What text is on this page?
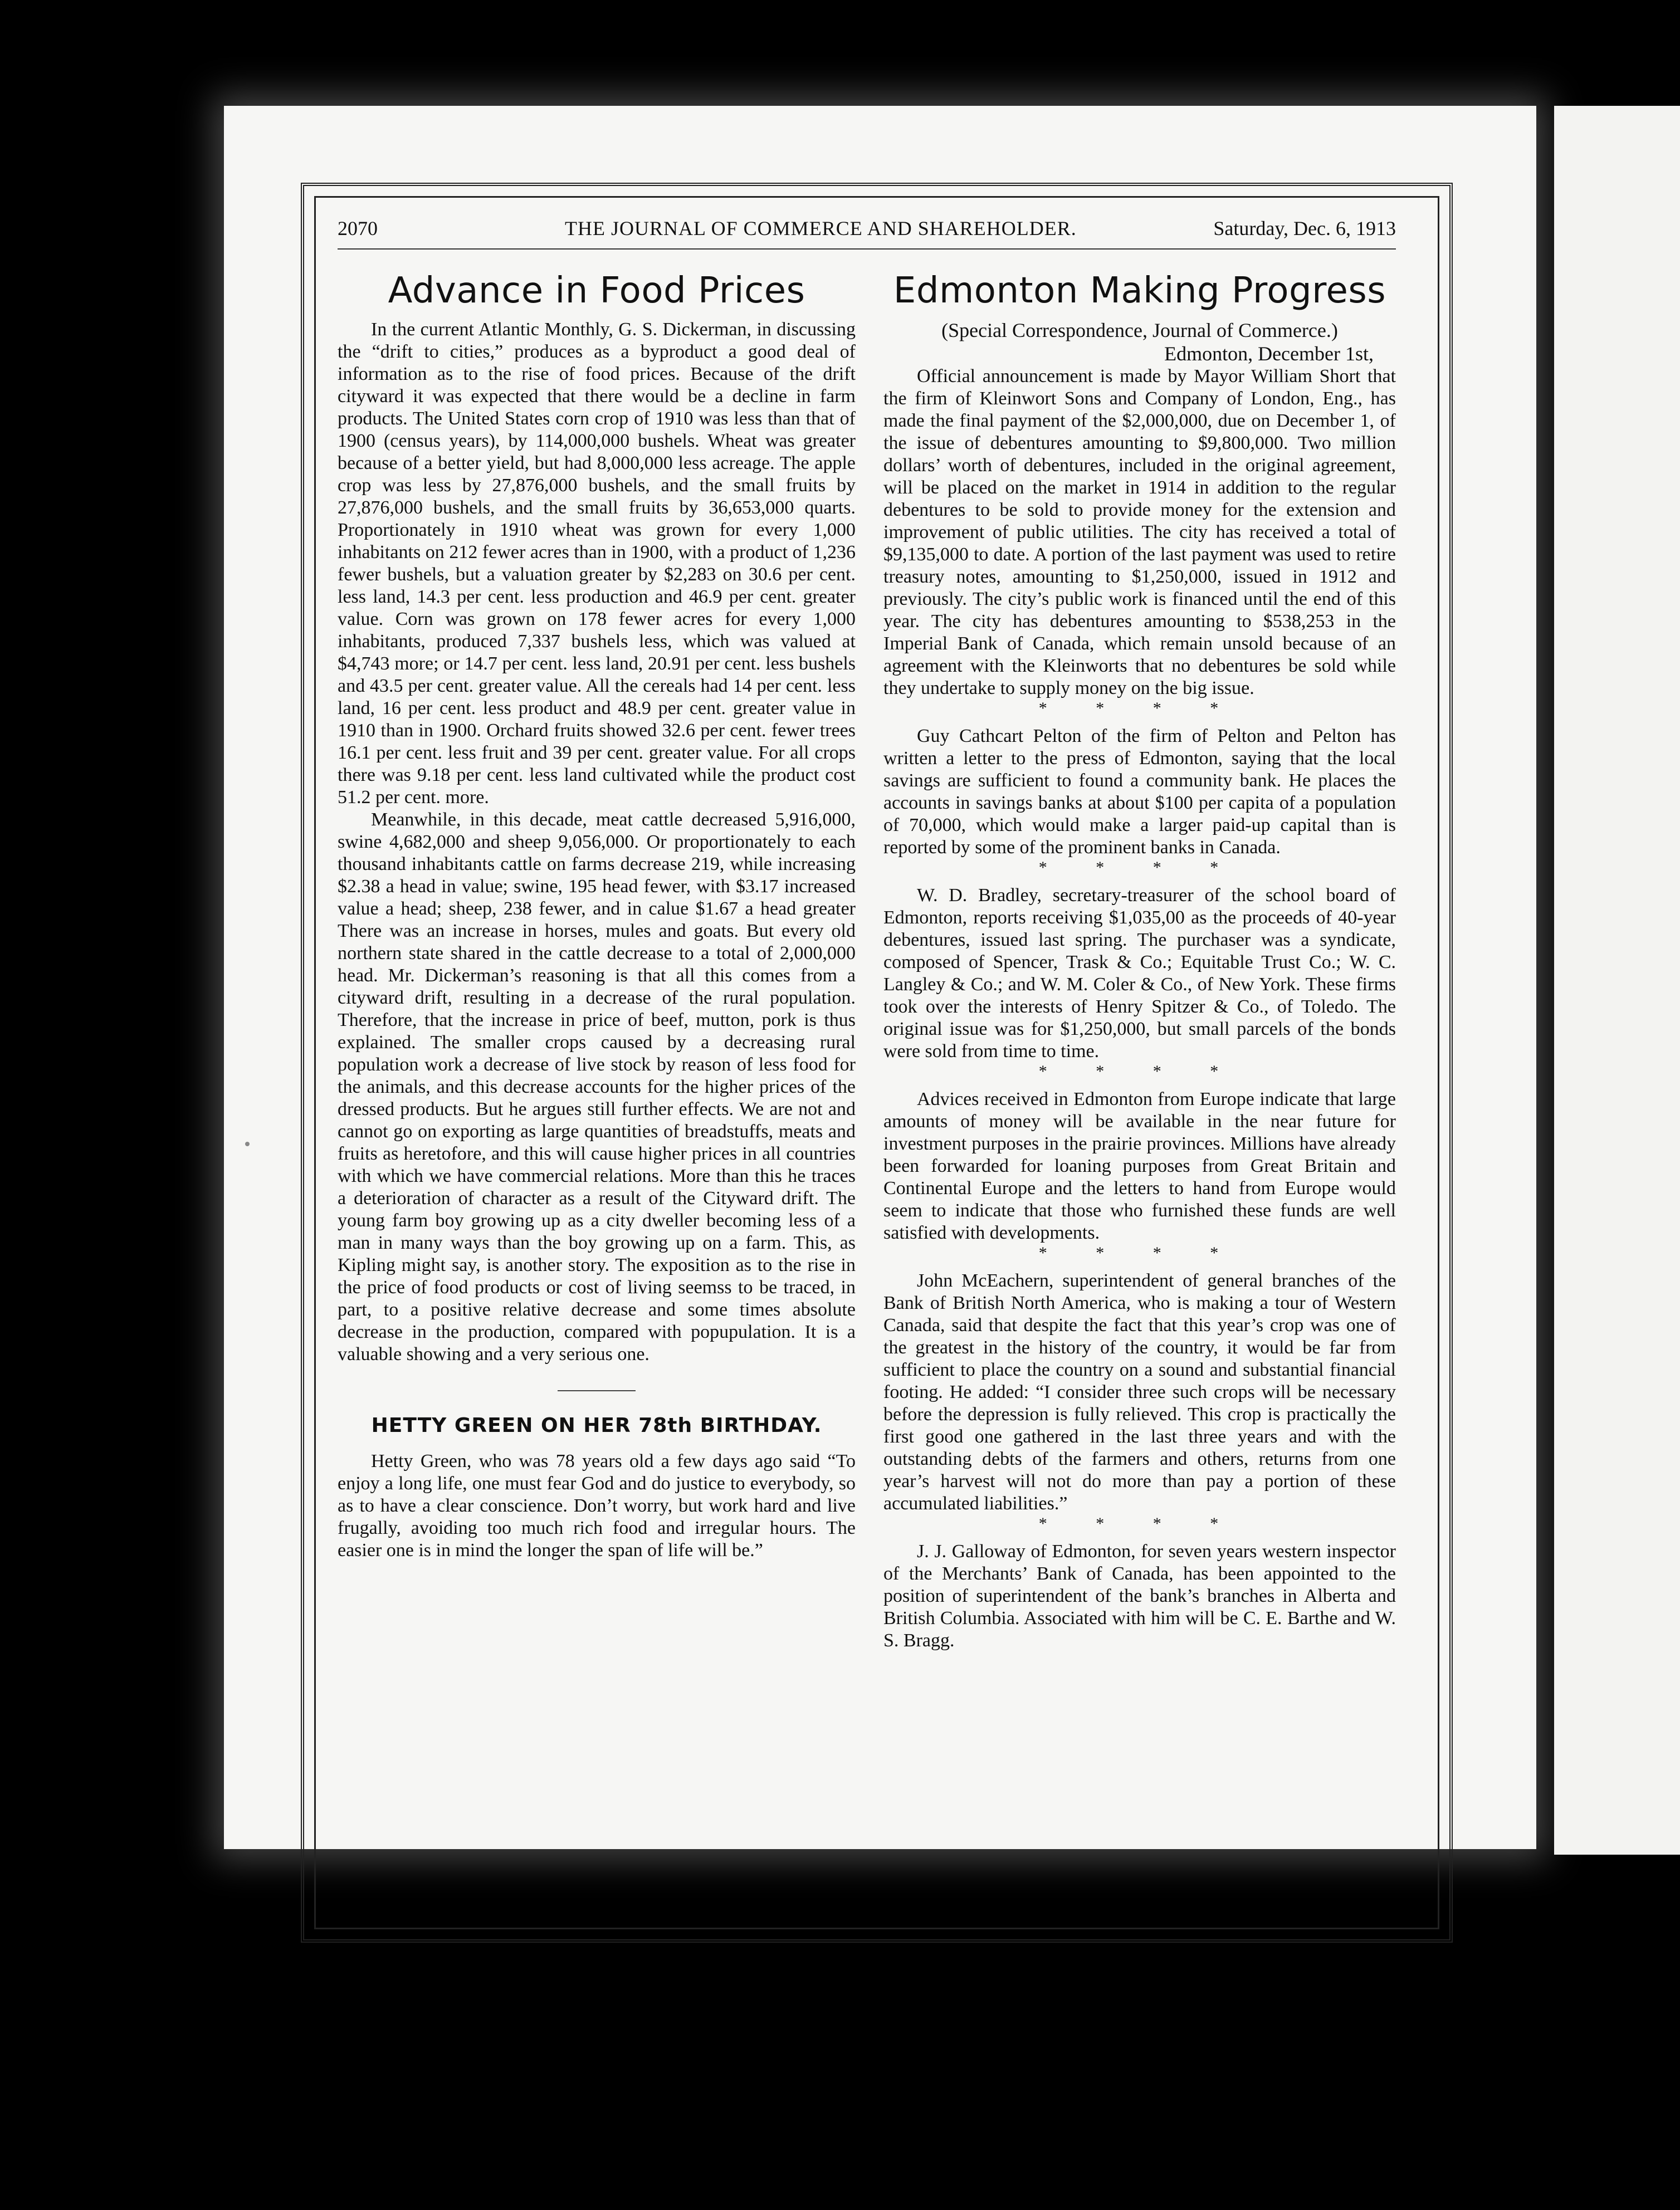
2070	THE JOURNAL OF COMMERCE AND SHAREHOLDER.	Saturday, Dec. 6, 1913
Advance in Food Prices

In the current Atlantic Monthly, G. S. Dickerman, in discussing the “drift to cities,” produces as a byproduct a good deal of information as to the rise of food prices. Because of the drift cityward it was expected that there would be a decline in farm products. The United States corn crop of 1910 was less than that of 1900 (census years), by 114,000,000 bushels. Wheat was greater because of a better yield, but had 8,000,000 less acreage. The apple crop was less by 27,876,000 bushels, and the small fruits by 27,876,000 bushels, and the small fruits by 36,653,000 quarts. Proportionately in 1910 wheat was grown for every 1,000 inhabitants on 212 fewer acres than in 1900, with a product of 1,236 fewer bushels, but a valuation greater by $2,283 on 30.6 per cent. less land, 14.3 per cent. less production and 46.9 per cent. greater value. Corn was grown on 178 fewer acres for every 1,000 inhabitants, produced 7,337 bushels less, which was valued at $4,743 more; or 14.7 per cent. less land, 20.91 per cent. less bushels and 43.5 per cent. greater value. All the cereals had 14 per cent. less land, 16 per cent. less product and 48.9 per cent. greater value in 1910 than in 1900. Orchard fruits showed 32.6 per cent. fewer trees 16.1 per cent. less fruit and 39 per cent. greater value. For all crops there was 9.18 per cent. less land cultivated while the product cost 51.2 per cent. more.

Meanwhile, in this decade, meat cattle decreased 5,916,000, swine 4,682,000 and sheep 9,056,000. Or proportionately to each thousand inhabitants cattle on farms decrease 219, while increasing $2.38 a head in value; swine, 195 head fewer, with $3.17 increased value a head; sheep, 238 fewer, and in calue $1.67 a head greater There was an increase in horses, mules and goats. But every old northern state shared in the cattle decrease to a total of 2,000,000 head. Mr. Dickerman’s reasoning is that all this comes from a cityward drift, resulting in a decrease of the rural population. Therefore, that the increase in price of beef, mutton, pork is thus explained. The smaller crops caused by a decreasing rural population work a decrease of live stock by reason of less food for the animals, and this decrease accounts for the higher prices of the dressed products. But he argues still further effects. We are not and cannot go on exporting as large quantities of breadstuffs, meats and fruits as heretofore, and this will cause higher prices in all countries with which we have commercial relations. More than this he traces a deterioration of character as a result of the Cityward drift. The young farm boy growing up as a city dweller becoming less of a man in many ways than the boy growing up on a farm. This, as Kipling might say, is another story. The exposition as to the rise in the price of food products or cost of living seemss to be traced, in part, to a positive relative decrease and some times absolute decrease in the production, compared with popupulation. It is a valuable showing and a very serious one.

HETTY GREEN ON HER 78th BIRTHDAY.

Hetty Green, who was 78 years old a few days ago said “To enjoy a long life, one must fear God and do justice to everybody, so as to have a clear conscience. Don’t worry, but work hard and live frugally, avoiding too much rich food and irregular hours. The easier one is in mind the longer the span of life will be.”

Edmonton Making Progress

(Special Correspondence, Journal of Commerce.)

Edmonton, December 1st,

Official announcement is made by Mayor William Short that the firm of Kleinwort Sons and Company of London, Eng., has made the final payment of the $2,000,000, due on December 1, of the issue of debentures amounting to $9,800,000. Two million dollars’ worth of debentures, included in the original agreement, will be placed on the market in 1914 in addition to the regular debentures to be sold to provide money for the extension and improvement of public utilities. The city has received a total of $9,135,000 to date. A portion of the last payment was used to retire treasury notes, amounting to $1,250,000, issued in 1912 and previously. The city’s public work is financed until the end of this year. The city has debentures amounting to $538,253 in the Imperial Bank of Canada, which remain unsold because of an agreement with the Kleinworts that no debentures be sold while they undertake to supply money on the big issue.

* * * *

Guy Cathcart Pelton of the firm of Pelton and Pelton has written a letter to the press of Edmonton, saying that the local savings are sufficient to found a community bank. He places the accounts in savings banks at about $100 per capita of a population of 70,000, which would make a larger paid-up capital than is reported by some of the prominent banks in Canada.

* * * *

W. D. Bradley, secretary-treasurer of the school board of Edmonton, reports receiving $1,035,00 as the proceeds of 40-year debentures, issued last spring. The purchaser was a syndicate, composed of Spencer, Trask & Co.; Equitable Trust Co.; W. C. Langley & Co.; and W. M. Coler & Co., of New York. These firms took over the interests of Henry Spitzer & Co., of Toledo. The original issue was for $1,250,000, but small parcels of the bonds were sold from time to time.

* * * *

Advices received in Edmonton from Europe indicate that large amounts of money will be available in the near future for investment purposes in the prairie provinces. Millions have already been forwarded for loaning purposes from Great Britain and Continental Europe and the letters to hand from Europe would seem to indicate that those who furnished these funds are well satisfied with developments.

* * * *

John McEachern, superintendent of general branches of the Bank of British North America, who is making a tour of Western Canada, said that despite the fact that this year’s crop was one of the greatest in the history of the country, it would be far from sufficient to place the country on a sound and substantial financial footing. He added: “I consider three such crops will be necessary before the depression is fully relieved. This crop is practically the first good one gathered in the last three years and with the outstanding debts of the farmers and others, returns from one year’s harvest will not do more than pay a portion of these accumulated liabilities.”

* * * *

J. J. Galloway of Edmonton, for seven years western inspector of the Merchants’ Bank of Canada, has been appointed to the position of superintendent of the bank’s branches in Alberta and British Columbia. Associated with him will be C. E. Barthe and W. S. Bragg.
